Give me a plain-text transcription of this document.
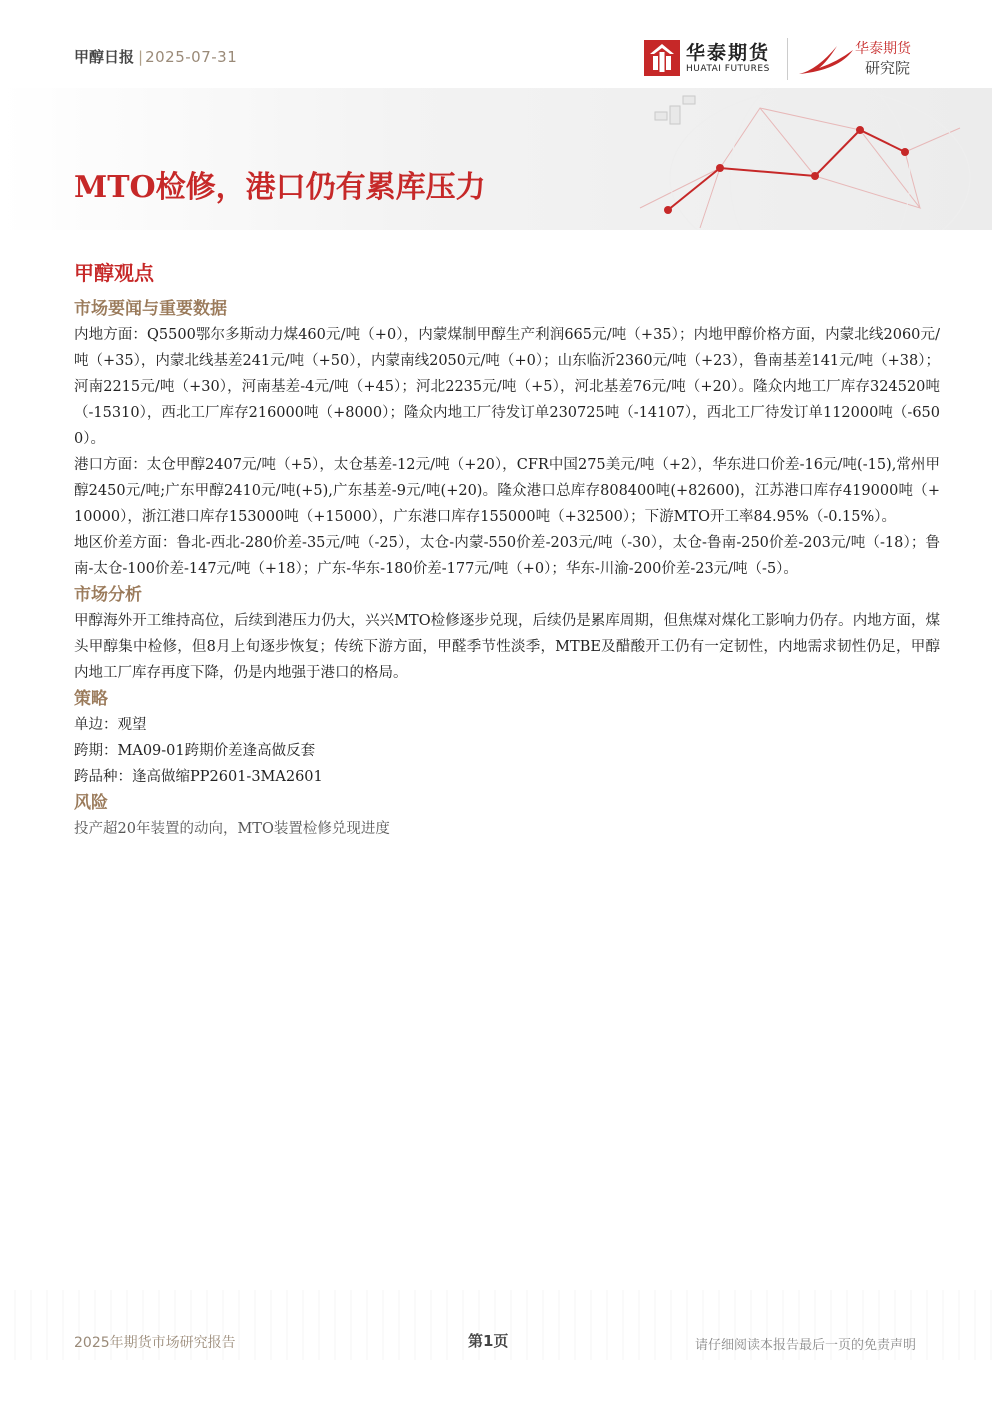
甲醇日报 | 2025-07-31	华泰期货
HUATAI FUTURES
华泰期货
研究院
MTO检修，港口仍有累库压力
甲醇观点
市场要闻与重要数据

内地方面：Q5500鄂尔多斯动力煤460元/吨（+0），内蒙煤制甲醇生产利润665元/吨（+35）；内地甲醇价格方面，内蒙北线2060元/吨（+35），内蒙北线基差241元/吨（+50），内蒙南线2050元/吨（+0）；山东临沂2360元/吨（+23），鲁南基差141元/吨（+38）；河南2215元/吨（+30），河南基差-4元/吨（+45）；河北2235元/吨（+5），河北基差76元/吨（+20）。隆众内地工厂库存324520吨（-15310），西北工厂库存216000吨（+8000）；隆众内地工厂待发订单230725吨（-14107），西北工厂待发订单112000吨（-6500）。

港口方面：太仓甲醇2407元/吨（+5），太仓基差-12元/吨（+20），CFR中国275美元/吨（+2），华东进口价差-16元/吨(-15),常州甲醇2450元/吨;广东甲醇2410元/吨(+5),广东基差-9元/吨(+20)。隆众港口总库存808400吨(+82600)，江苏港口库存419000吨（+10000），浙江港口库存153000吨（+15000），广东港口库存155000吨（+32500）；下游MTO开工率84.95%（-0.15%）。

地区价差方面：鲁北-西北-280价差-35元/吨（-25），太仓-内蒙-550价差-203元/吨（-30），太仓-鲁南-250价差-203元/吨（-18）；鲁南-太仓-100价差-147元/吨（+18）；广东-华东-180价差-177元/吨（+0）；华东-川渝-200价差-23元/吨（-5）。

市场分析

甲醇海外开工维持高位，后续到港压力仍大，兴兴MTO检修逐步兑现，后续仍是累库周期，但焦煤对煤化工影响力仍存。内地方面，煤头甲醇集中检修，但8月上旬逐步恢复；传统下游方面，甲醛季节性淡季，MTBE及醋酸开工仍有一定韧性，内地需求韧性仍足，甲醇内地工厂库存再度下降，仍是内地强于港口的格局。

策略

单边：观望

跨期：MA09-01跨期价差逢高做反套

跨品种：逢高做缩PP2601-3MA2601

风险

投产超20年装置的动向，MTO装置检修兑现进度

2025年期货市场研究报告	第1页	请仔细阅读本报告最后一页的免责声明
